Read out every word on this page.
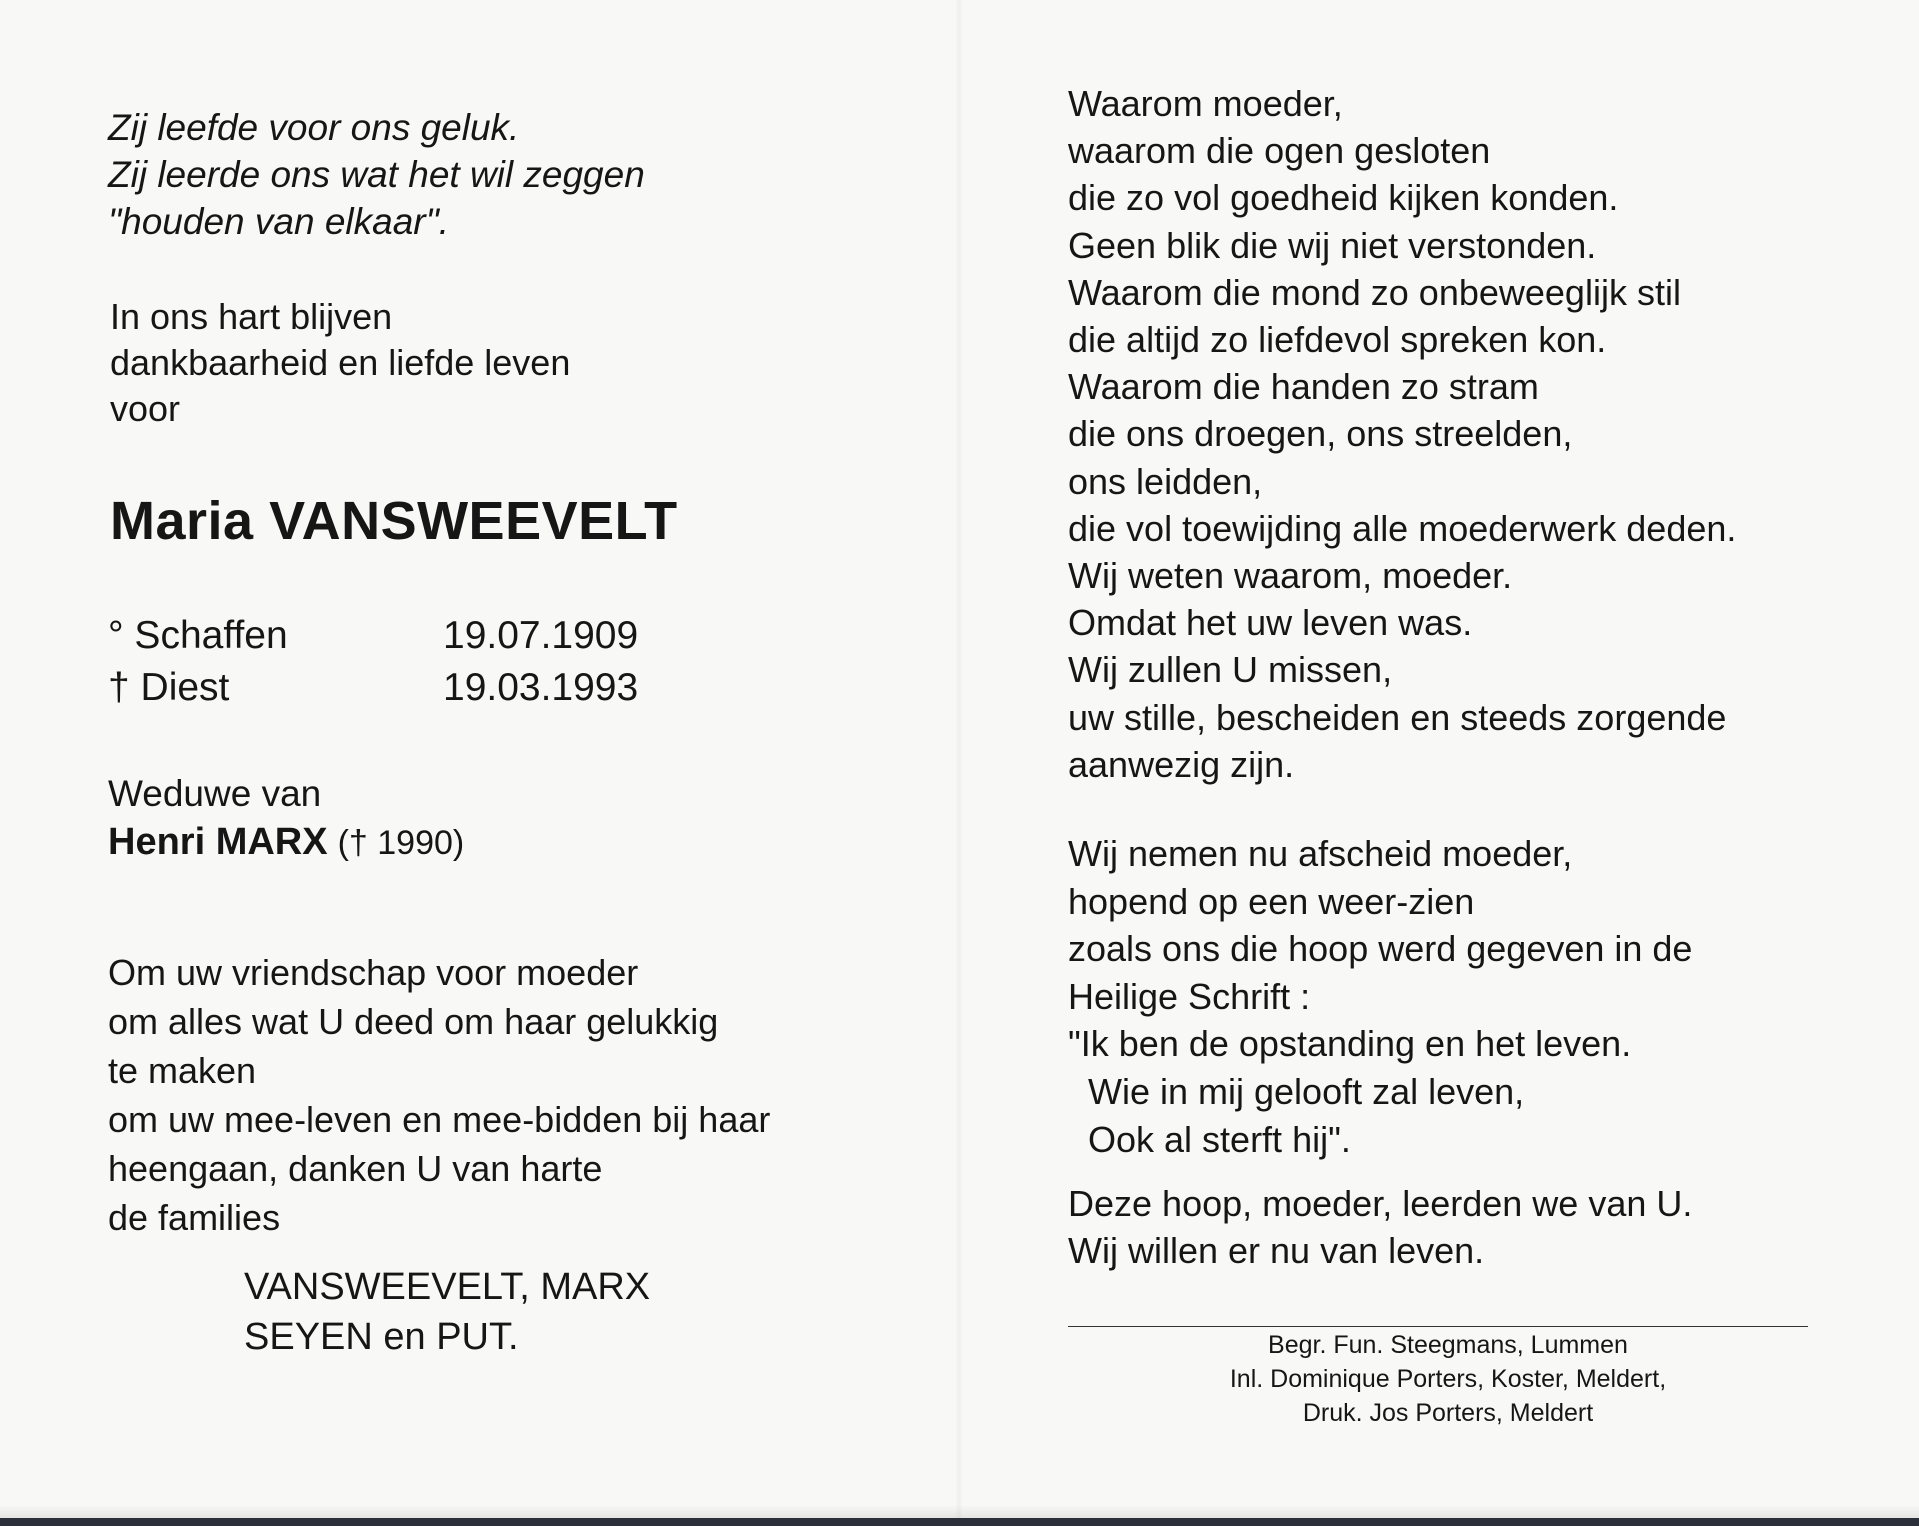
Zij leefde voor ons geluk.
Zij leerde ons wat het wil zeggen
"houden van elkaar".
In ons hart blijven
dankbaarheid en liefde leven
voor
Maria VANSWEEVELT
° Schaffen	19.07.1909
† Diest	19.03.1993
Weduwe van
Henri MARX († 1990)
Om uw vriendschap voor moeder
om alles wat U deed om haar gelukkig
te maken
om uw mee-leven en mee-bidden bij haar
heengaan, danken U van harte
de families
VANSWEEVELT, MARX
SEYEN en PUT.
Waarom moeder,
waarom die ogen gesloten
die zo vol goedheid kijken konden.
Geen blik die wij niet verstonden.
Waarom die mond zo onbeweeglijk stil
die altijd zo liefdevol spreken kon.
Waarom die handen zo stram
die ons droegen, ons streelden,
ons leidden,
die vol toewijding alle moederwerk deden.
Wij weten waarom, moeder.
Omdat het uw leven was.
Wij zullen U missen,
uw stille, bescheiden en steeds zorgende
aanwezig zijn.
Wij nemen nu afscheid moeder,
hopend op een weer-zien
zoals ons die hoop werd gegeven in de
Heilige Schrift :
"Ik ben de opstanding en het leven.
Wie in mij gelooft zal leven,
Ook al sterft hij".
Deze hoop, moeder, leerden we van U.
Wij willen er nu van leven.
Begr. Fun. Steegmans, Lummen
Inl. Dominique Porters, Koster, Meldert,
Druk. Jos Porters, Meldert
